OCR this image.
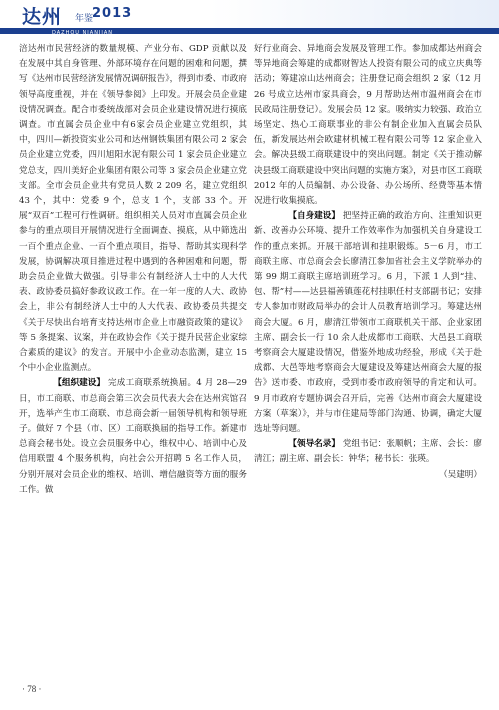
达州 年鉴
2013
DAZHOU NIANJIAN

涪达州市民营经济的数量规模、产业分布、GDP 贡献以及在发展中其自身管理、外部环境存在问题的困难和问题，撰写《达州市民营经济发展情况调研报告》，得到市委、市政府领导高度重视，并在《领导参阅》上印发。开展会员企业建设情况调查。配合市委统战部对会员企业建设情况进行摸底调查。市直属会员企业中有6家会员企业建立党组织，其中，四川—新投资实业公司和达州钢铁集团有限公司 2 家会员企业建立党委，四川旭阳水泥有限公司 1 家会员企业建立党总支，四川美好企业集团有限公司等 3 家会员企业建立党支部。全市会员企业共有党员人数 2 209 名，建立党组织 43 个，其中：党委 9 个，总支 1 个，支部 33 个。开展“双百”工程可行性调研。组织相关人员对市直属会员企业参与的重点项目开展情况进行全面调查、摸底，从中筛选出一百个重点企业、一百个重点项目，指导、帮助其实现科学发展，协调解决项目推进过程中遇到的各种困难和问题，帮助会员企业做大做强。引导非公有制经济人士中的人大代表、政协委员搞好参政议政工作。在一年一度的人大、政协会上，非公有制经济人士中的人大代表、政协委员共提交《关于尽快出台培育支持达州市企业上市融资政策的建议》等 5 条提案、议案，并在政协会作《关于提升民营企业家综合素质的建议》的发言。开展中小企业动态监测，建立 15 个中小企业监测点。

【组织建设】 完成工商联系统换届。4 月 28—29 日，市工商联、市总商会第三次会员代表大会在达州宾馆召开，选举产生市工商联、市总商会新一届领导机构和领导班子。做好 7 个县（市、区）工商联换届的指导工作。新建市总商会秘书处。设立会员服务中心，维权中心、培训中心及信用联盟 4 个服务机构，向社会公开招聘 5 名工作人员，分别开展对会员企业的维权、培训、增信融资等方面的服务工作。做

好行业商会、异地商会发展及管理工作。参加成都达州商会等异地商会筹建的成都财智达人投资有限公司的成立庆典等活动；筹建凉山达州商会；注册登记商会组织 2 家（12 月 26 号成立达州市家具商会，9 月帮助达州市温州商会在市民政局注册登记）。发展会员 12 家。吸纳实力较强、政治立场坚定、热心工商联事业的非公有制企业加入直属会员队伍，新发展达州会欧建材机械工程有限公司等 12 家企业入会。解决县级工商联建设中的突出问题。制定《关于推动解决县级工商联建设中突出问题的实施方案》，对县市区工商联 2012 年的人员编制、办公设备、办公场所、经费等基本情况进行收集摸底。

【自身建设】 把坚持正确的政治方向、注重知识更新、改善办公环境、提升工作效率作为加强机关自身建设工作的重点来抓。开展干部培训和挂职锻炼。5－6 月，市工商联主席、市总商会会长廖清江参加省社会主义学院举办的第 99 期工商联主席培训班学习。6 月，下派 1 人到“挂、包、帮”村——达县福善镇莲花村挂职任村支部副书记；安排专人参加市财政局举办的会计人员教育培训学习。筹建达州商会大厦。6 月，廖清江带领市工商联机关干部、企业家团主席、副会长一行 10 余人赴成都市工商联、大邑县工商联考察商会大厦建设情况，借鉴外地成功经验，形成《关于赴成都、大邑等地考察商会大厦建设及筹建达州商会大厦的报告》送市委、市政府，受到市委市政府领导的肯定和认可。9 月市政府专题协调会召开后，完善《达州市商会大厦建设方案（草案）》，并与市住建局等部门沟通、协调，确定大厦选址等问题。

【领导名录】 党组书记：张顺帆；主席、会长：廖清江；副主席、副会长：钟华；秘书长：张瑛。

（吴建明）

· 78 ·
